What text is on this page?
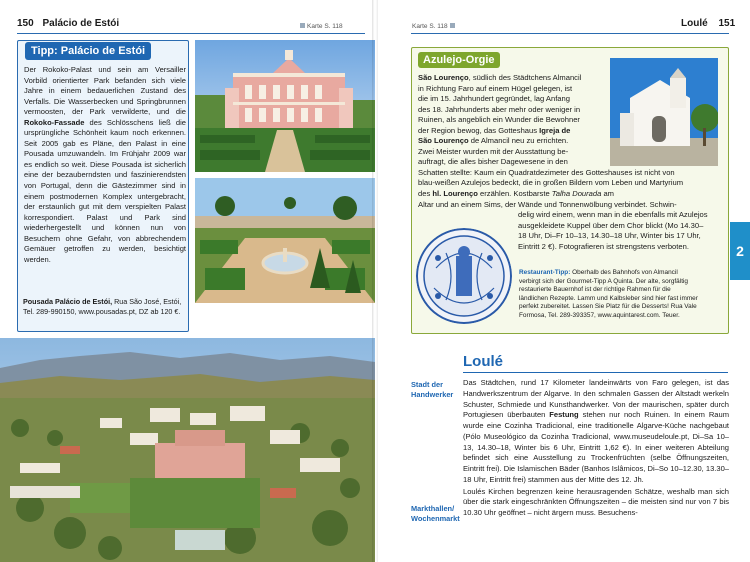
150 Palácio de Estói	Karte S. 118
Tipp: Palácio de Estói
Der Rokoko-Palast und sein am Versailler Vorbild orientierter Park befanden sich viele Jahre in einem bedauerlichen Zustand des Verfalls. Die Wasserbecken und Springbrunnen vermoosten, der Park verwilderte, und die Rokoko-Fassade des Schlösschens ließ die ursprüngliche Schönheit kaum noch erkennen. Seit 2005 gab es Pläne, den Palast in eine Pousada umzuwandeln. Im Frühjahr 2009 war es endlich so weit. Diese Pousada ist sicherlich eine der bezauberndsten und faszinierendsten von Portugal, denn die Gästezimmer sind in einem postmodernen Komplex untergebracht, der erstaunlich gut mit dem verspielten Palast korrespondiert. Palast und Park sind wiederhergestellt und können nun von Besuchern ohne Gefahr, von abbrechendem Gemäuer getroffen zu werden, besichtigt werden.
Pousada Palácio de Estói, Rua São José, Estói, Tel. 289-990150, www.pousadas.pt, DZ ab 120 €.
Karte S. 118	Loulé 151
Azulejo-Orgie
São Lourenço, südlich des Städtchens Almancil
in Richtung Faro auf einem Hügel gelegen, ist
die im 15. Jahrhundert gegründet, lag Anfang
des 18. Jahrhunderts aber mehr oder weniger in
Ruinen, als angeblich ein Wunder die Bewohner
der Region bewog, das Gotteshaus Igreja de
São Lourenço de Almancil neu zu errichten.
Zwei Meister wurden mit der Ausstattung be-
auftragt, die alles bisher Dagewesene in den
Schatten stellte: Kaum ein Quadratdezimeter des Gotteshauses ist nicht von
blau-weißen Azulejos bedeckt, die in großen Bildern vom Leben und Martyrium
des hl. Lourenço erzählen. Kostbarste Talha Dourada am
Altar und an einem Sims, der Wände und Tonnenwölbung verbindet. Schwin-
delig wird einem, wenn man in die ebenfalls mit Azulejos
ausgekleidete Kuppel über dem Chor blickt (Mo 14.30–
18 Uhr, Di–Fr 10–13, 14.30–18 Uhr, Winter bis 17 Uhr,
Eintritt 2 €). Fotografieren ist strengstens verboten.
Restaurant-Tipp: Oberhalb des Bahnhofs von Almancil
verbirgt sich der Gourmet-Tipp A Quinta. Der alte, sorgfältig
restaurierte Bauernhof ist der richtige Rahmen für die
ländlichen Rezepte. Lamm und Kalbsleber sind hier fast immer
perfekt zubereitet. Lassen Sie Platz für die Desserts! Rua Vale
Formosa, Tel. 289-393357, www.aquintarest.com. Teuer.
2
Loulé
Stadt der Handwerker
Markthallen/ Wochenmarkt
Das Städtchen, rund 17 Kilometer landeinwärts von Faro gelegen, ist das Handwerkszentrum der Algarve. In den schmalen Gassen der Altstadt werkeln Schuster, Schmiede und Kunsthandwerker. Von der maurischen, später durch Portugiesen überbauten Festung stehen nur noch Ruinen. In einem Raum wurde eine Cozinha Tradicional, eine traditionelle Algarve-Küche nachgebaut (Pólo Museológico da Cozinha Tradicional, www.museudeloule.pt, Di–Sa 10–13, 14.30–18, Winter bis 6 Uhr, Eintritt 1,62 €). In einer weiteren Abteilung befindet sich eine Ausstellung zu Trockenfrüchten (selbe Öffnungszeiten, Eintritt frei). Die Islamischen Bäder (Banhos Islâmicos, Di–So 10–12.30, 13.30–18 Uhr, Eintritt frei) stammen aus der Mitte des 12. Jh.
Loulés Kirchen begrenzen keine herausragenden Schätze, weshalb man sich über die stark eingeschränkten Öffnungszeiten – die meisten sind nur von 7 bis 10.30 Uhr geöffnet – nicht ärgern muss. Besuchens-
